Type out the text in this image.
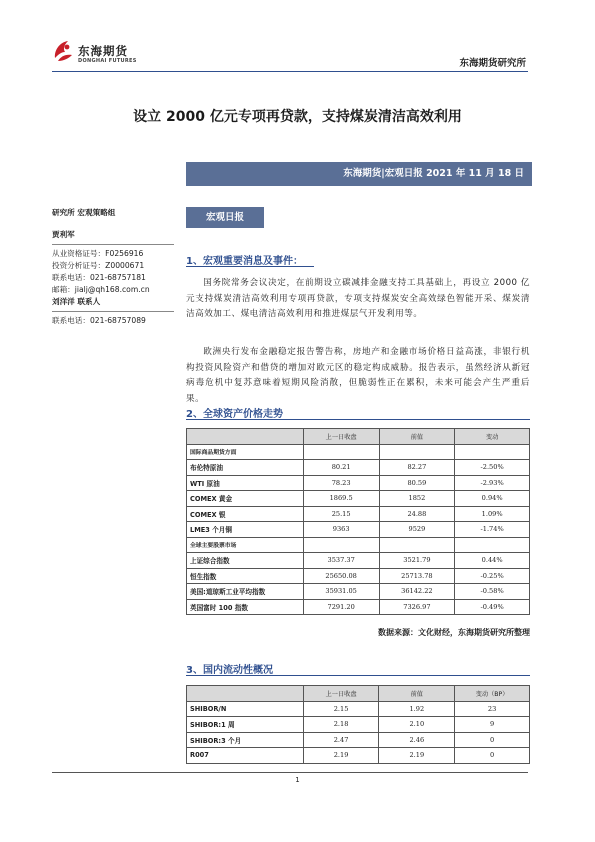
东海期货
DONGHAI FUTURES	东海期货研究所
设立 2000 亿元专项再贷款，支持煤炭清洁高效利用
东海期货|宏观日报 2021 年 11 月 18 日
研究所 宏观策略组
贾利军
从业资格证号：F0256916
投资分析证号：Z0000671
联系电话：021-68757181
邮箱：jialj@qh168.com.cn
刘洋洋 联系人
联系电话：021-68757089
宏观日报
1、宏观重要消息及事件：
国务院常务会议决定，在前期设立碳减排金融支持工具基础上，再设立 2000 亿元支持煤炭清洁高效利用专项再贷款，专项支持煤炭安全高效绿色智能开采、煤炭清洁高效加工、煤电清洁高效利用和推进煤层气开发利用等。
欧洲央行发布金融稳定报告警告称，房地产和金融市场价格日益高涨，非银行机构投资风险资产和借贷的增加对欧元区的稳定构成威胁。报告表示，虽然经济从新冠病毒危机中复苏意味着短期风险消散，但脆弱性正在累积，未来可能会产生严重后果。
2、全球资产价格走势
	上一日收盘	前值	变动
国际商品期货方面			
布伦特原油	80.21	82.27	-2.50%
WTI 原油	78.23	80.59	-2.93%
COMEX 黄金	1869.5	1852	0.94%
COMEX 银	25.15	24.88	1.09%
LME3 个月铜	9363	9529	-1.74%
全球主要股票市场			
上证综合指数	3537.37	3521.79	0.44%
恒生指数	25650.08	25713.78	-0.25%
美国:道琼斯工业平均指数	35931.05	36142.22	-0.58%
英国富时 100 指数	7291.20	7326.97	-0.49%
数据来源：文化财经，东海期货研究所整理
3、国内流动性概况
	上一日收盘	前值	变动（BP）
SHIBOR/N	2.15	1.92	23
SHIBOR:1 周	2.18	2.10	9
SHIBOR:3 个月	2.47	2.46	0
R007	2.19	2.19	0
1
